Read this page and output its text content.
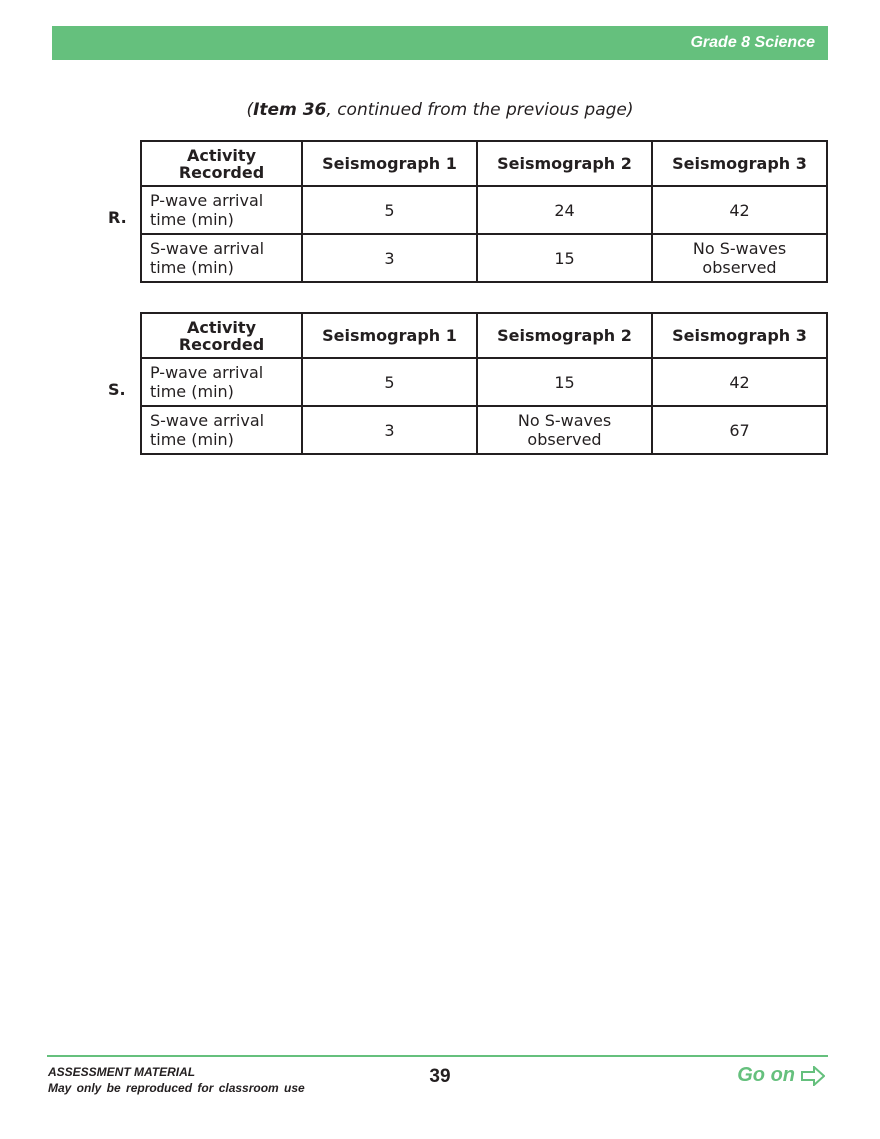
Grade 8 Science
(Item 36, continued from the previous page)
R.
Activity Recorded	Seismograph 1	Seismograph 2	Seismograph 3
P-wave arrival time (min)	5	24	42
S-wave arrival time (min)	3	15	No S-waves observed
S.
Activity Recorded	Seismograph 1	Seismograph 2	Seismograph 3
P-wave arrival time (min)	5	15	42
S-wave arrival time (min)	3	No S-waves observed	67
ASSESSMENT MATERIAL
May only be reproduced for classroom use
39	Go on
